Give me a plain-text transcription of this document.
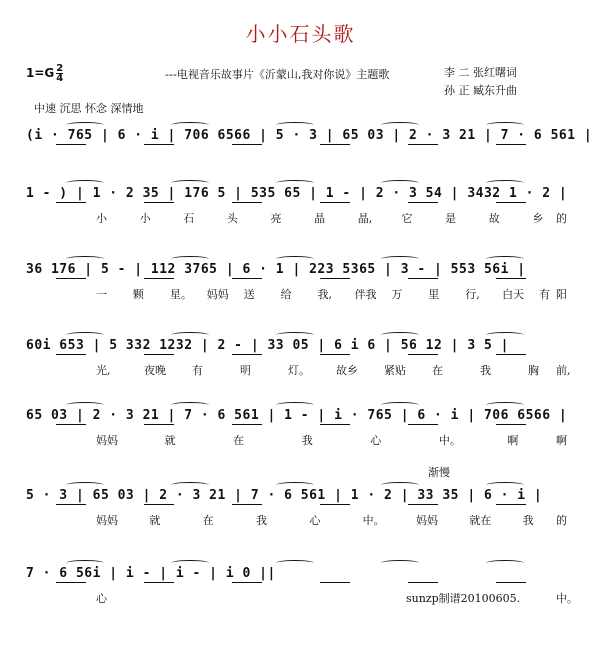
小小石头歌
$1=G \frac{2}{4}$	---电视音乐故事片《沂蒙山,我对你说》主题歌	李 二 张红曙词
孙 正 臧东升曲
中速 沉思 怀念 深情地
(i · 765 | 6 · i | 706 6566 | 5 · 3 | 65 03 | 2 · 3 21 | 7 · 6 561 |
1 - ) | 1 · 2 35 | 176 5 | 535 65 | 1 - | 2 · 3 54 | 3432 1 · 2 |
小	小	石	头	亮	晶	晶,	它	是	故	乡 的
36 176 | 5 - | 112 3765 | 6 · 1 | 223 5365 | 3 - | 553 56i |
一 颗 星。 妈妈 送 给 我, 伴我 万 里 行, 白天 有 阳
60i 653 | 5 332 1232 | 2 - | 33 05 | 6 i 6 | 56 12 | 3 5 |
光,	夜晚 有	明	灯。 故乡 紧贴 在	我	胸 前,
65 03 | 2 · 3 21 | 7 · 6 561 | 1 - | i · 765 | 6 · i | 706 6566 |
妈妈	就	在	我	心	中。	啊	啊
5 · 3 | 65 03 | 2 · 3 21 | 7 · 6 561 | 1 · 2 | 33 35 | 6 · i |
妈妈	就	在	我	心	中。	妈妈	就在	我 的
7 · 6 56i | i - | i - | i 0 ||
心	中。
渐慢
sunzp制谱20100605.
